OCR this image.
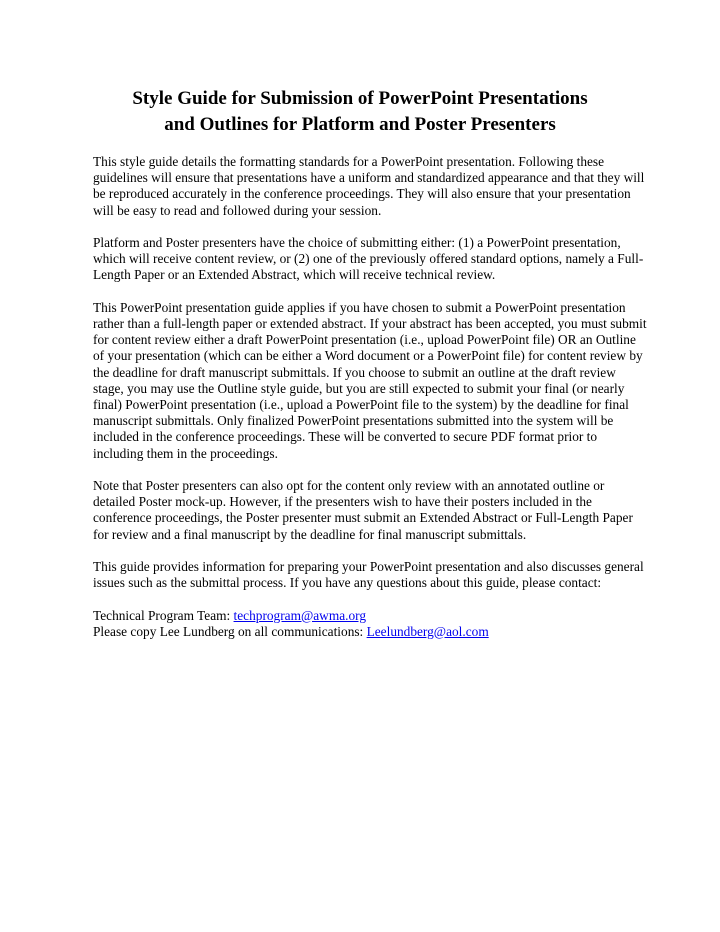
Style Guide for Submission of PowerPoint Presentations
and Outlines for Platform and Poster Presenters

This style guide details the formatting standards for a PowerPoint presentation. Following these guidelines will ensure that presentations have a uniform and standardized appearance and that they will be reproduced accurately in the conference proceedings. They will also ensure that your presentation will be easy to read and followed during your session.

Platform and Poster presenters have the choice of submitting either: (1) a PowerPoint presentation, which will receive content review, or (2) one of the previously offered standard options, namely a Full-Length Paper or an Extended Abstract, which will receive technical review.

This PowerPoint presentation guide applies if you have chosen to submit a PowerPoint presentation rather than a full-length paper or extended abstract. If your abstract has been accepted, you must submit for content review either a draft PowerPoint presentation (i.e., upload PowerPoint file) OR an Outline of your presentation (which can be either a Word document or a PowerPoint file) for content review by the deadline for draft manuscript submittals. If you choose to submit an outline at the draft review stage, you may use the Outline style guide, but you are still expected to submit your final (or nearly final) PowerPoint presentation (i.e., upload a PowerPoint file to the system) by the deadline for final manuscript submittals. Only finalized PowerPoint presentations submitted into the system will be included in the conference proceedings. These will be converted to secure PDF format prior to including them in the proceedings.

Note that Poster presenters can also opt for the content only review with an annotated outline or detailed Poster mock-up. However, if the presenters wish to have their posters included in the conference proceedings, the Poster presenter must submit an Extended Abstract or Full-Length Paper for review and a final manuscript by the deadline for final manuscript submittals.

This guide provides information for preparing your PowerPoint presentation and also discusses general issues such as the submittal process. If you have any questions about this guide, please contact:

Technical Program Team: techprogram@awma.org

Please copy Lee Lundberg on all communications: Leelundberg@aol.com
